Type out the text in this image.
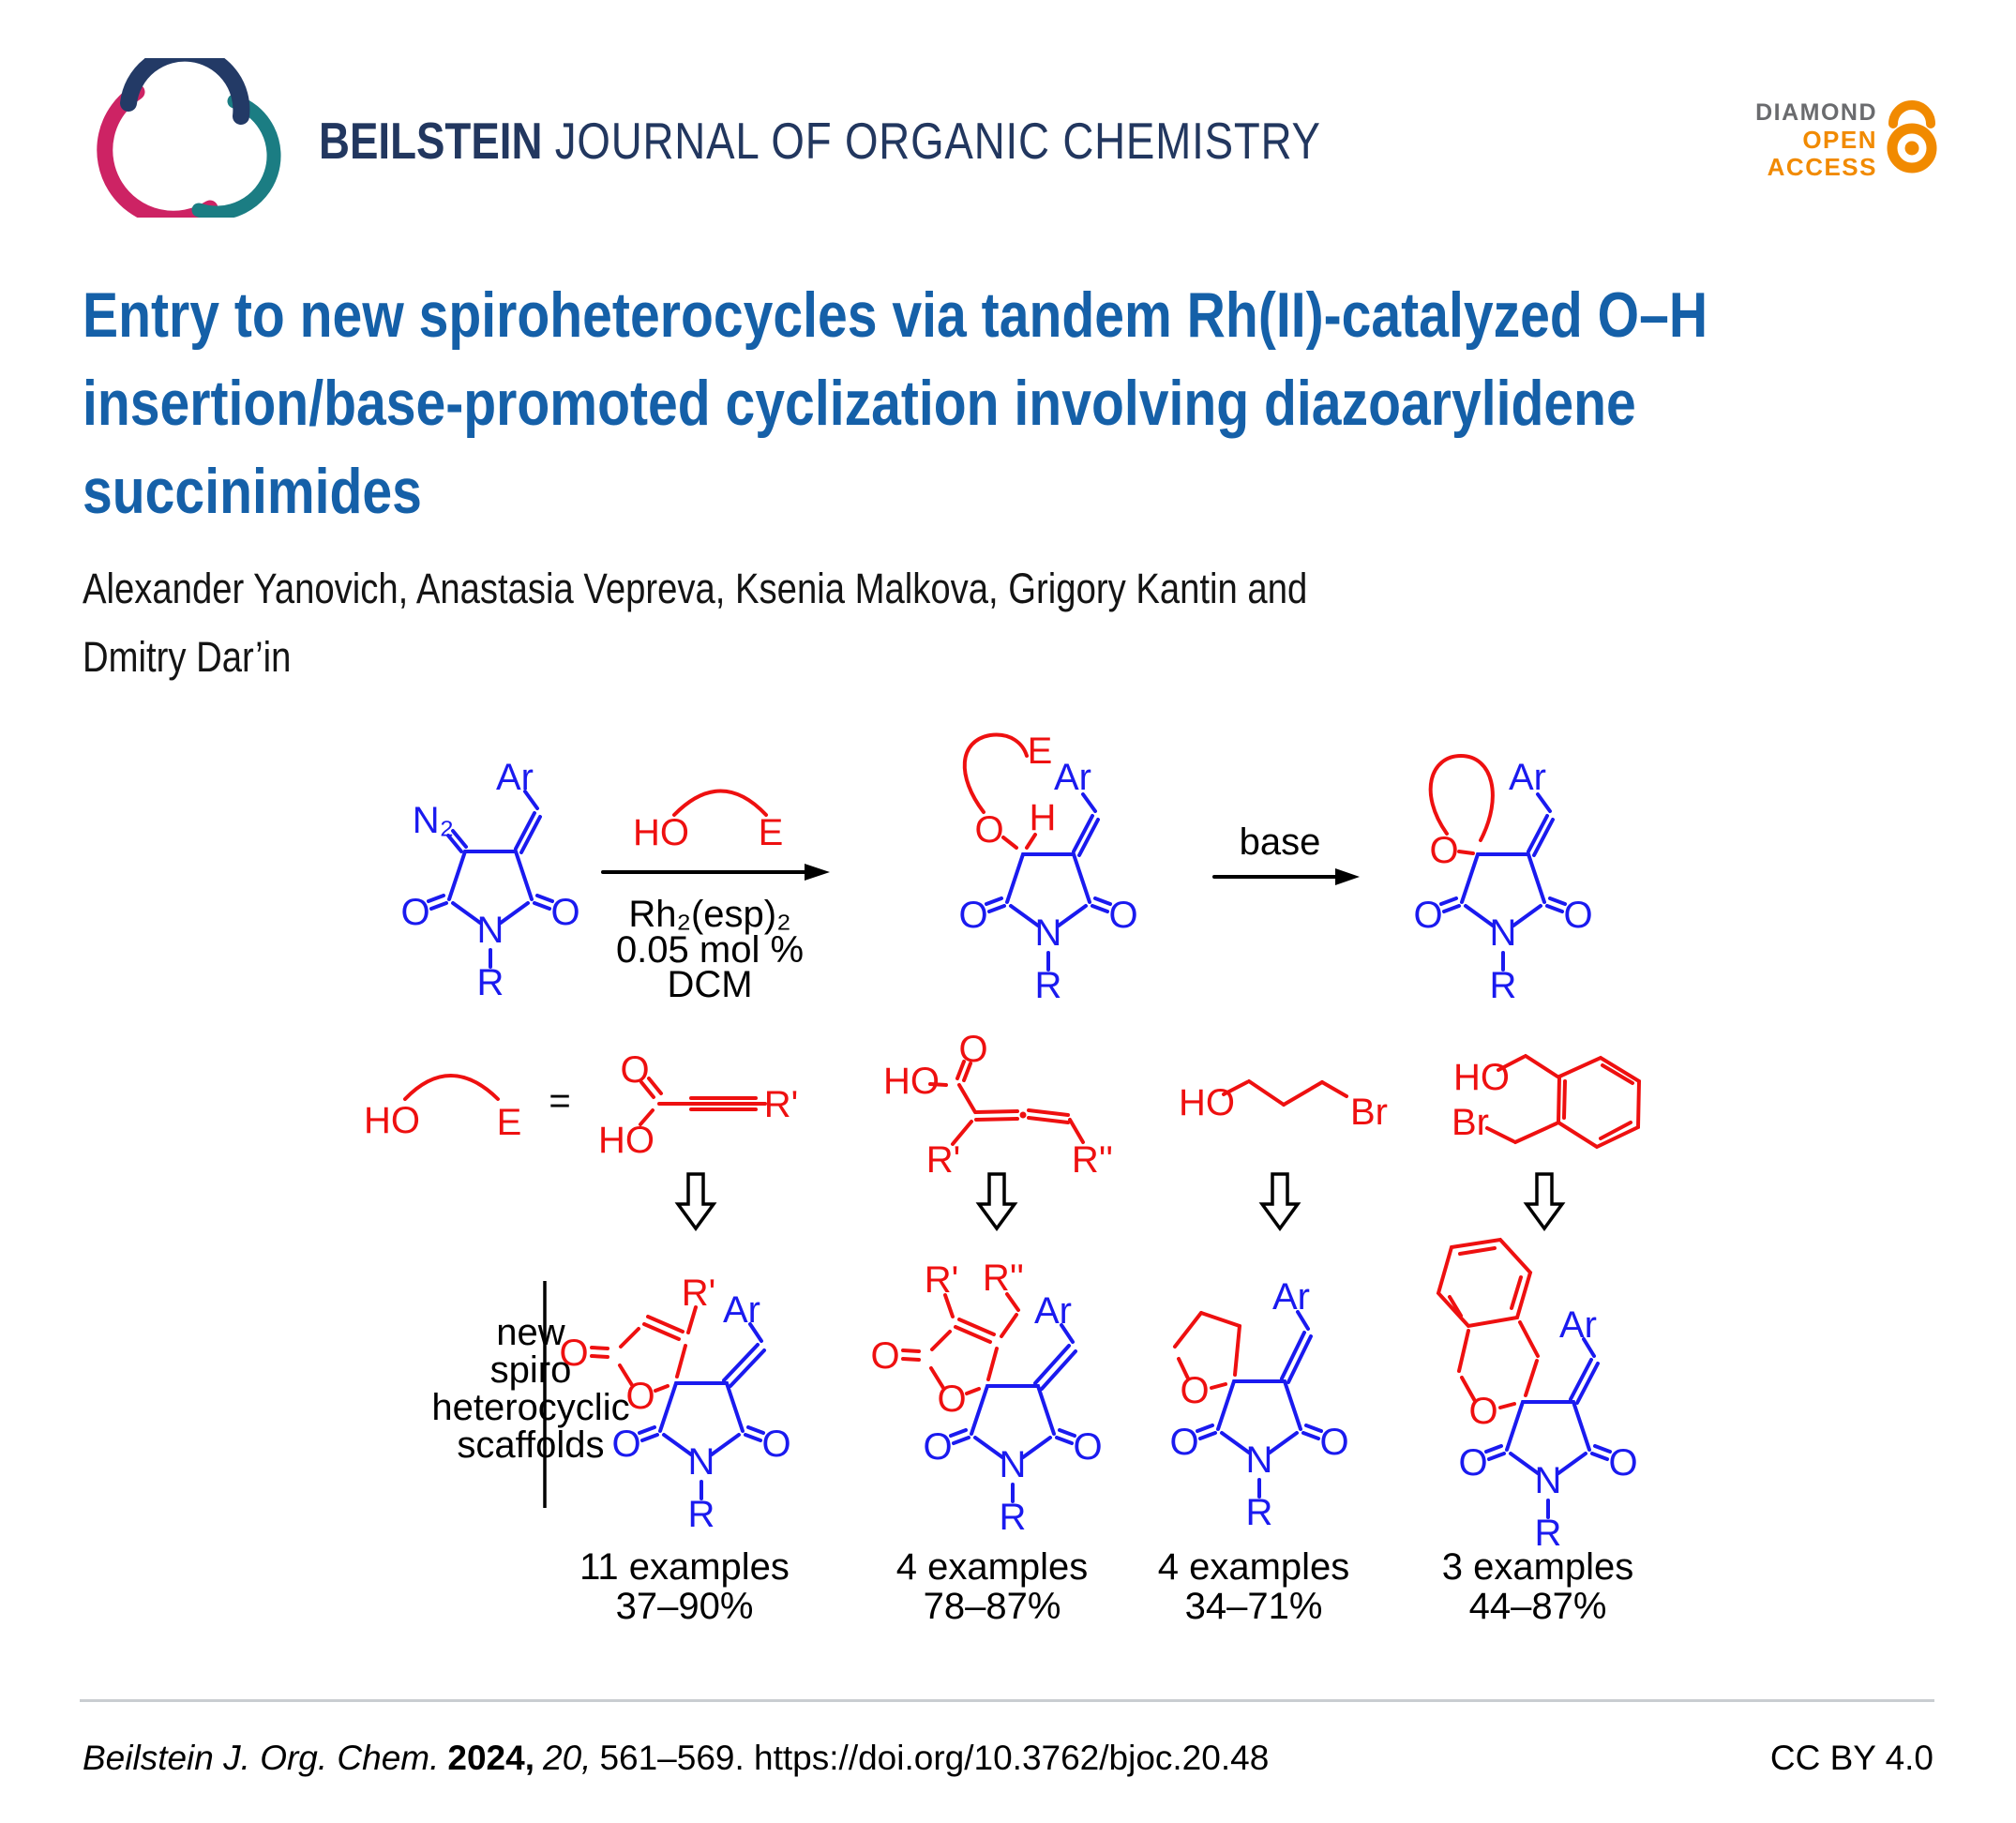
BEILSTEIN JOURNAL OF ORGANIC CHEMISTRY	DIAMOND
OPEN
ACCESS
Entry to new spiroheterocycles via tandem Rh(II)-catalyzed O–H insertion/base-promoted cyclization involving diazoarylidene succinimides
Alexander Yanovich, Anastasia Vepreva, Ksenia Malkova, Grigory Kantin and Dmitry Dar’in
N₂
Ar
O	O
N
R
HO E
Rh₂(esp)₂
0.05 mol %
DCM
E
O H
Ar
O	O
N
R
base	O
Ar
O	O
N
R
HO E
=
O
HO
R'
O
HO
R'	R''
HO	Br
HO
Br
new
spiro
heterocyclic
scaffolds
R'
O
O
Ar
O	O
N
R
11 examples
37–90%
R' R''
O
O
Ar
O	O
N
R
4 examples
78–87%
O
Ar
O	O
N
R
4 examples
34–71%
O
Ar
O	O
N
R
3 examples
44–87%
Beilstein J. Org. Chem. 2024, 20, 561–569. https://doi.org/10.3762/bjoc.20.48	CC BY 4.0
